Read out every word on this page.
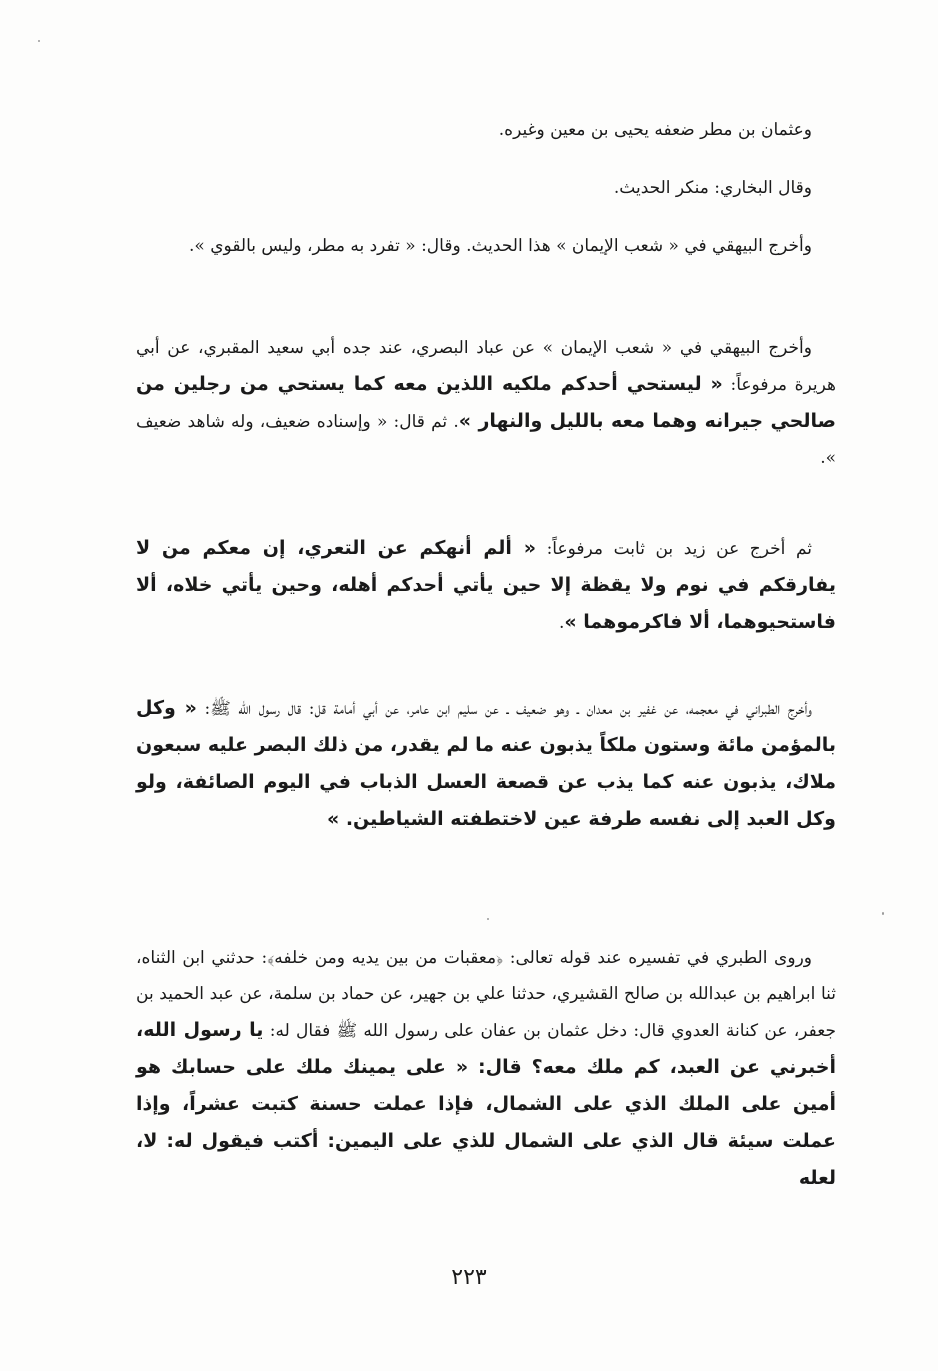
وعثمان بن مطر ضعفه يحيى بن معين وغيره.

وقال البخاري: منكر الحديث.

وأخرج البيهقي في « شعب الإيمان » هذا الحديث. وقال: « تفرد به مطر، وليس بالقوي ».

وأخرج البيهقي في « شعب الإيمان » عن عباد البصري، عند جده أبي سعيد المقبري، عن أبي هريرة مرفوعاً: « ليستحي أحدكم ملكيه اللذين معه كما يستحي من رجلين من صالحي جيرانه وهما معه بالليل والنهار ». ثم قال: « وإسناده ضعيف، وله شاهد ضعيف ».

ثم أخرج عن زيد بن ثابت مرفوعاً: « ألم أنهكم عن التعري، إن معكم من لا يفارقكم في نوم ولا يقظة إلا حين يأتي أحدكم أهله، وحين يأتي خلاه، ألا فاستحيوهما، ألا فاكرموهما ».

وأخرج الطبراني في معجمه، عن غفير بن معدان ـ وهو ضعيف ـ عن سليم ابن عامر، عن أبي أمامة قل: قال رسول الله ﷺ: « وكل بالمؤمن مائة وستون ملكاً يذبون عنه ما لم يقدر، من ذلك البصر عليه سبعون ملاك، يذبون عنه كما يذب عن قصعة العسل الذباب في اليوم الصائفة، ولو وكل العبد إلى نفسه طرفة عين لاختطفته الشياطين. »

وروى الطبري في تفسيره عند قوله تعالى: ﴿معقبات من بين يديه ومن خلفه﴾: حدثني ابن الثناه، ثنا ابراهيم بن عبدالله بن صالح القشيري، حدثنا علي بن جهير، عن حماد بن سلمة، عن عبد الحميد بن جعفر، عن كنانة العدوي قال: دخل عثمان بن عفان على رسول الله ﷺ فقال له: يا رسول الله، أخبرني عن العبد، كم ملك معه؟ قال: « على يمينك ملك على حسابك هو أمين على الملك الذي على الشمال، فإذا عملت حسنة كتبت عشراً، وإذا عملت سيئة قال الذي على الشمال للذي على اليمين: أكتب فيقول له: لا، لعله

٢٢٣
